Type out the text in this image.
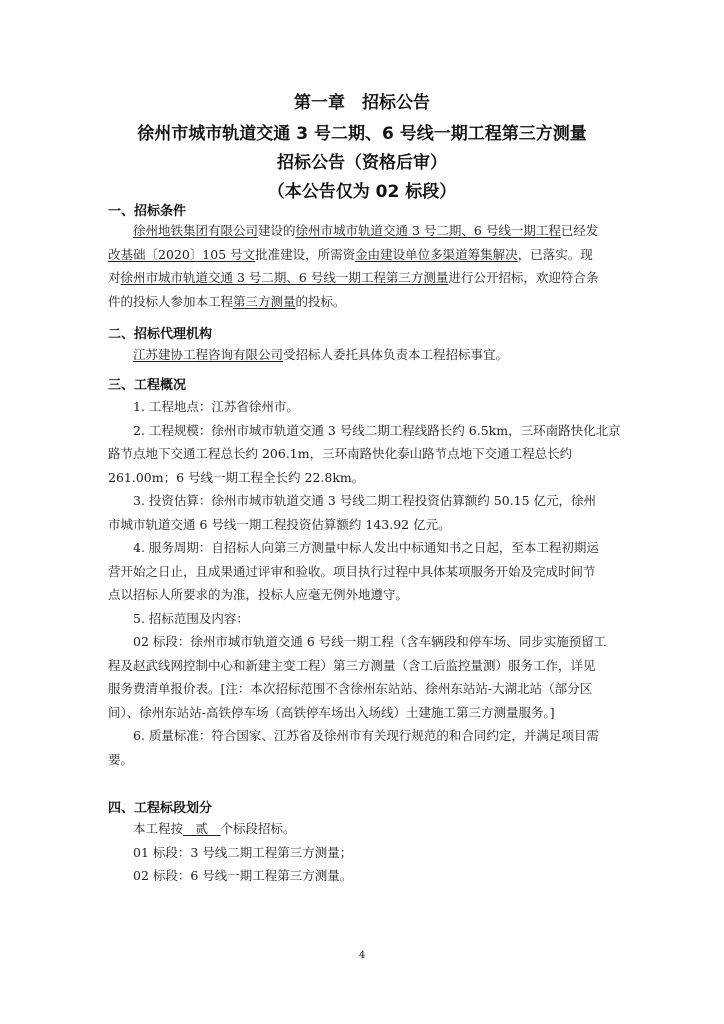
第一章　招标公告
徐州市城市轨道交通 3 号二期、6 号线一期工程第三方测量
招标公告（资格后审）
（本公告仅为 02 标段）
一、招标条件
徐州地铁集团有限公司建设的徐州市城市轨道交通 3 号二期、6 号线一期工程已经发
改基础〔2020〕105 号文批准建设，所需资金由建设单位多渠道筹集解决，已落实。现
对徐州市城市轨道交通 3 号二期、6 号线一期工程第三方测量进行公开招标，欢迎符合条
件的投标人参加本工程第三方测量的投标。
二、招标代理机构
江苏建协工程咨询有限公司受招标人委托具体负责本工程招标事宜。
三、工程概况
1. 工程地点：江苏省徐州市。
2. 工程规模：徐州市城市轨道交通 3 号线二期工程线路长约 6.5km，三环南路快化北京
路节点地下交通工程总长约 206.1m，三环南路快化泰山路节点地下交通工程总长约
261.00m；6 号线一期工程全长约 22.8km。
3. 投资估算：徐州市城市轨道交通 3 号线二期工程投资估算额约 50.15 亿元，徐州
市城市轨道交通 6 号线一期工程投资估算额约 143.92 亿元。
4. 服务周期：自招标人向第三方测量中标人发出中标通知书之日起，至本工程初期运
营开始之日止，且成果通过评审和验收。项目执行过程中具体某项服务开始及完成时间节
点以招标人所要求的为准，投标人应毫无例外地遵守。
5. 招标范围及内容：
02 标段：徐州市城市轨道交通 6 号线一期工程（含车辆段和停车场、同步实施预留工
程及赵武线网控制中心和新建主变工程）第三方测量（含工后监控量测）服务工作，详见
服务费清单报价表。[注：本次招标范围不含徐州东站站、徐州东站站-大湖北站（部分区
间）、徐州东站站-高铁停车场（高铁停车场出入场线）土建施工第三方测量服务。]
6. 质量标准：符合国家、江苏省及徐州市有关现行规范的和合同约定，并满足项目需
要。
四、工程标段划分
本工程按　贰　个标段招标。
01 标段：3 号线二期工程第三方测量；
02 标段：6 号线一期工程第三方测量。
4
